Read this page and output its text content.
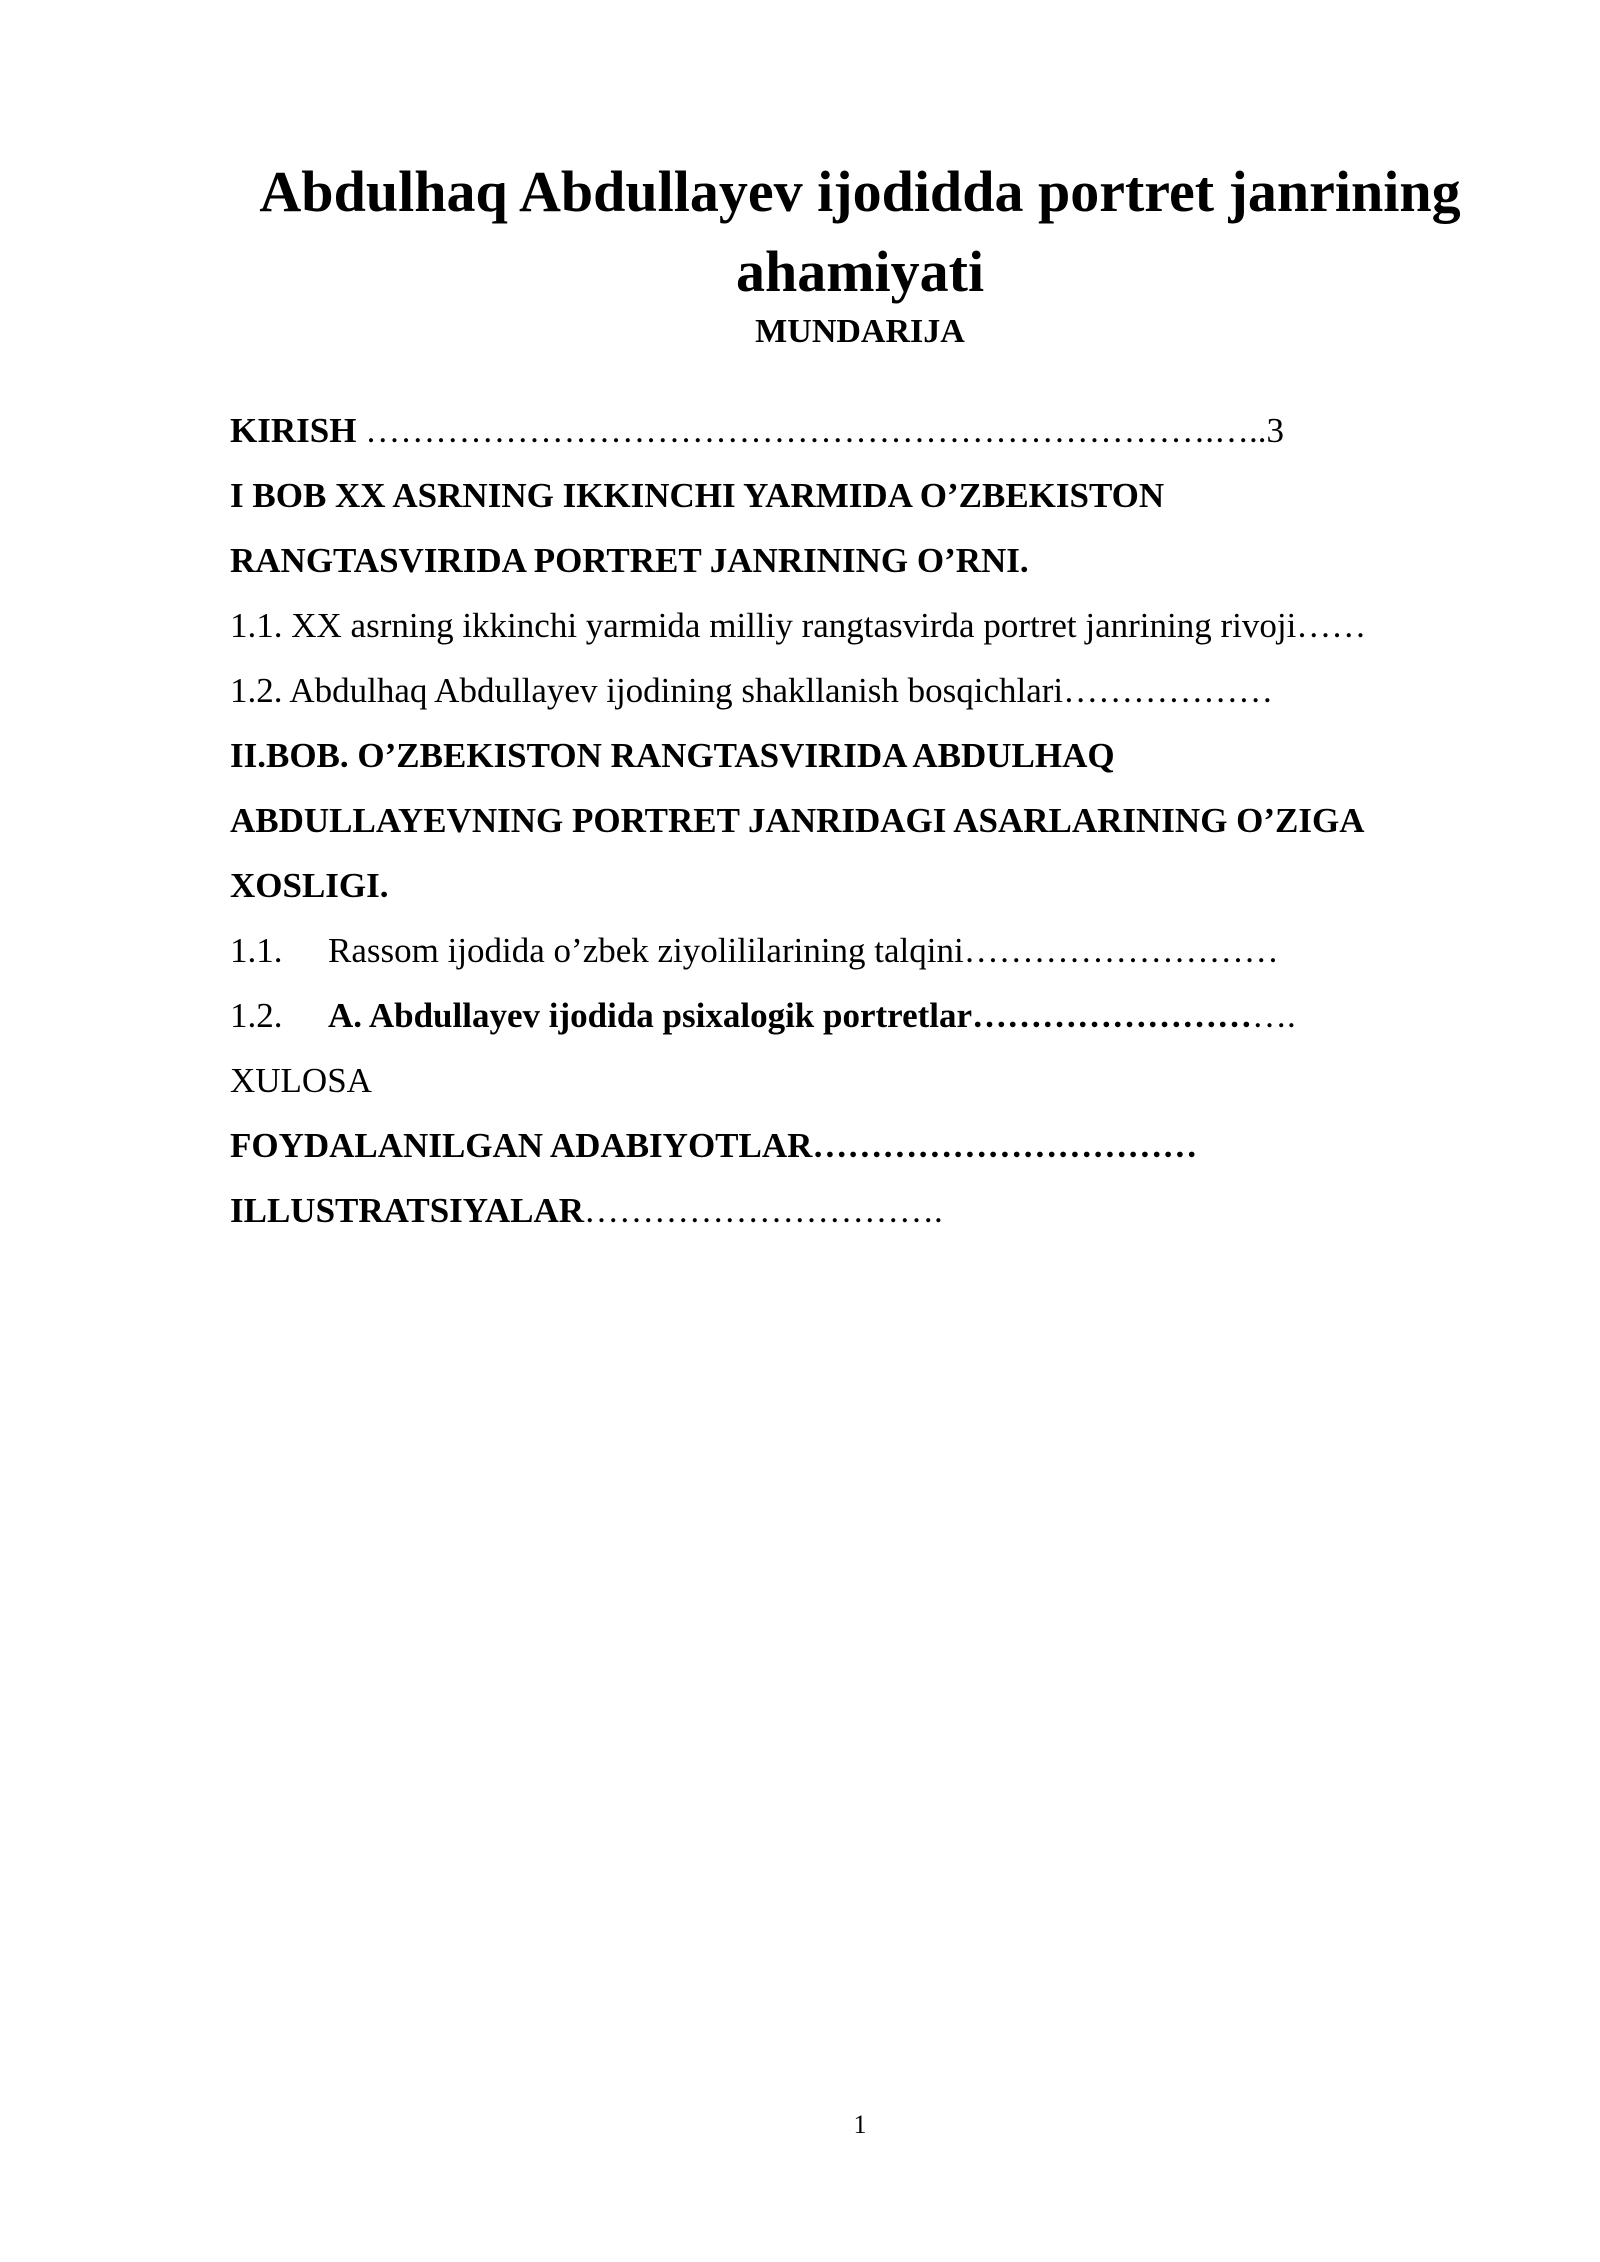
Abdulhaq Abdullayev ijodidda portret janrining ahamiyati
MUNDARIJA
KIRISH ……………………………………………………………….…..3
I BOB XX ASRNING IKKINCHI YARMIDA O’ZBEKISTON
RANGTASVIRIDA PORTRET JANRINING O’RNI.
1.1. XX asrning ikkinchi yarmida milliy rangtasvirda portret janrining rivoji……
1.2. Abdulhaq Abdullayev ijodining shakllanish bosqichlari………………
II.BOB. O’ZBEKISTON RANGTASVIRIDA ABDULHAQ
ABDULLAYEVNING PORTRET JANRIDAGI ASARLARINING O’ZIGA
XOSLIGI.
1.1. Rassom ijodida o’zbek ziyolililarining talqini………………………
1.2. A. Abdullayev ijodida psixalogik portretlar……………………….
XULOSA
FOYDALANILGAN ADABIYOTLAR……………………………
ILLUSTRATSIYALAR………………………….
1
